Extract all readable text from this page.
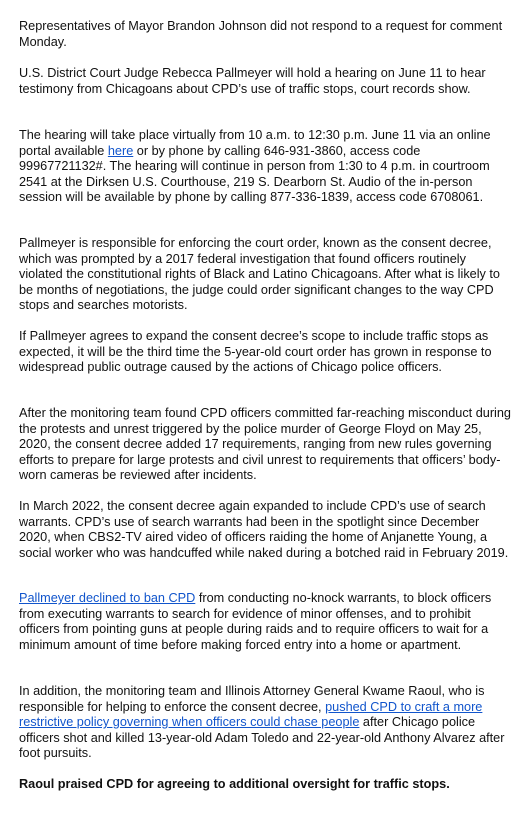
Representatives of Mayor Brandon Johnson did not respond to a request for comment Monday.

U.S. District Court Judge Rebecca Pallmeyer will hold a hearing on June 11 to hear testimony from Chicagoans about CPD’s use of traffic stops, court records show.

The hearing will take place virtually from 10 a.m. to 12:30 p.m. June 11 via an online portal available here or by phone by calling 646-931-3860, access code 99967721132#. The hearing will continue in person from 1:30 to 4 p.m. in courtroom 2541 at the Dirksen U.S. Courthouse, 219 S. Dearborn St. Audio of the in-person session will be available by phone by calling 877-336-1839, access code 6708061.

Pallmeyer is responsible for enforcing the court order, known as the consent decree, which was prompted by a 2017 federal investigation that found officers routinely violated the constitutional rights of Black and Latino Chicagoans. After what is likely to be months of negotiations, the judge could order significant changes to the way CPD stops and searches motorists.

If Pallmeyer agrees to expand the consent decree’s scope to include traffic stops as expected, it will be the third time the 5-year-old court order has grown in response to widespread public outrage caused by the actions of Chicago police officers.

After the monitoring team found CPD officers committed far-reaching misconduct during the protests and unrest triggered by the police murder of George Floyd on May 25, 2020, the consent decree added 17 requirements, ranging from new rules governing efforts to prepare for large protests and civil unrest to requirements that officers’ body-worn cameras be reviewed after incidents.

In March 2022, the consent decree again expanded to include CPD’s use of search warrants. CPD’s use of search warrants had been in the spotlight since December 2020, when CBS2-TV aired video of officers raiding the home of Anjanette Young, a social worker who was handcuffed while naked during a botched raid in February 2019.

Pallmeyer declined to ban CPD from conducting no-knock warrants, to block officers from executing warrants to search for evidence of minor offenses, and to prohibit officers from pointing guns at people during raids and to require officers to wait for a minimum amount of time before making forced entry into a home or apartment.

In addition, the monitoring team and Illinois Attorney General Kwame Raoul, who is responsible for helping to enforce the consent decree, pushed CPD to craft a more restrictive policy governing when officers could chase people after Chicago police officers shot and killed 13-year-old Adam Toledo and 22-year-old Anthony Alvarez after foot pursuits.

Raoul praised CPD for agreeing to additional oversight for traffic stops.
